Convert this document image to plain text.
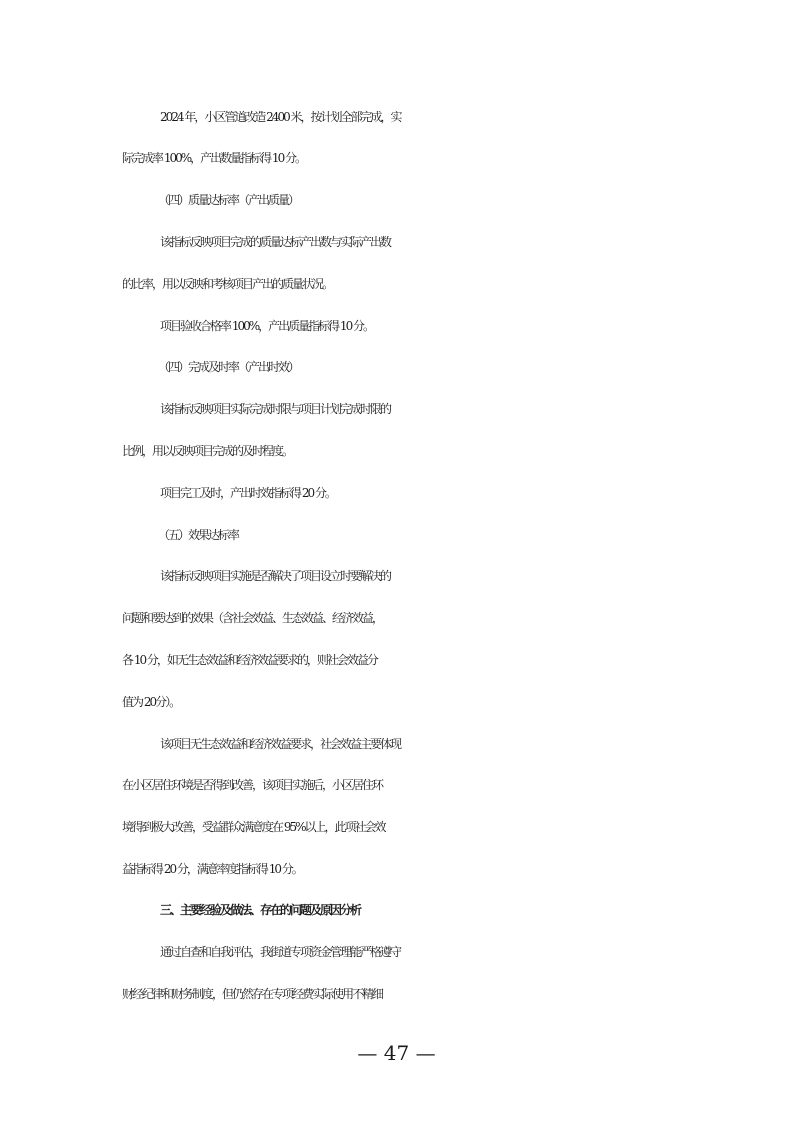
2024 年，小区管道改造 2400 米，按计划全部完成，实
际完成率 100%，产出数量指标得 10 分。
（四）质量达标率（产出质量）
该指标反映项目完成的质量达标产出数与实际产出数
的比率，用以反映和考核项目产出的质量状况。
项目验收合格率 100%，产出质量指标得 10 分。
（四）完成及时率（产出时效）
该指标反映项目实际完成时限与项目计划完成时限的
比例，用以反映项目完成的及时程度。
项目完工及时，产出时效指标得 20 分。
（五）效果达标率
该指标反映项目实施是否解决了项目设立时要解决的
问题和要达到的效果（含社会效益、生态效益、经济效益，
各 10 分，如无生态效益和经济效益要求的，则社会效益分
值为 20分）。
该项目无生态效益和经济效益要求，社会效益主要体现
在小区居住环境是否得到改善，该项目实施后，小区居住环
境得到极大改善，受益群众满意度在 95%以上，此项社会效
益指标得 20 分，满意率度指标得 10 分。
三、主要经验及做法、存在的问题及原因分析
通过自查和自我评估，我街道专项资金管理能严格遵守
财经纪律和财务制度，但仍然存在专项经费实际使用不精细
— 47 —
